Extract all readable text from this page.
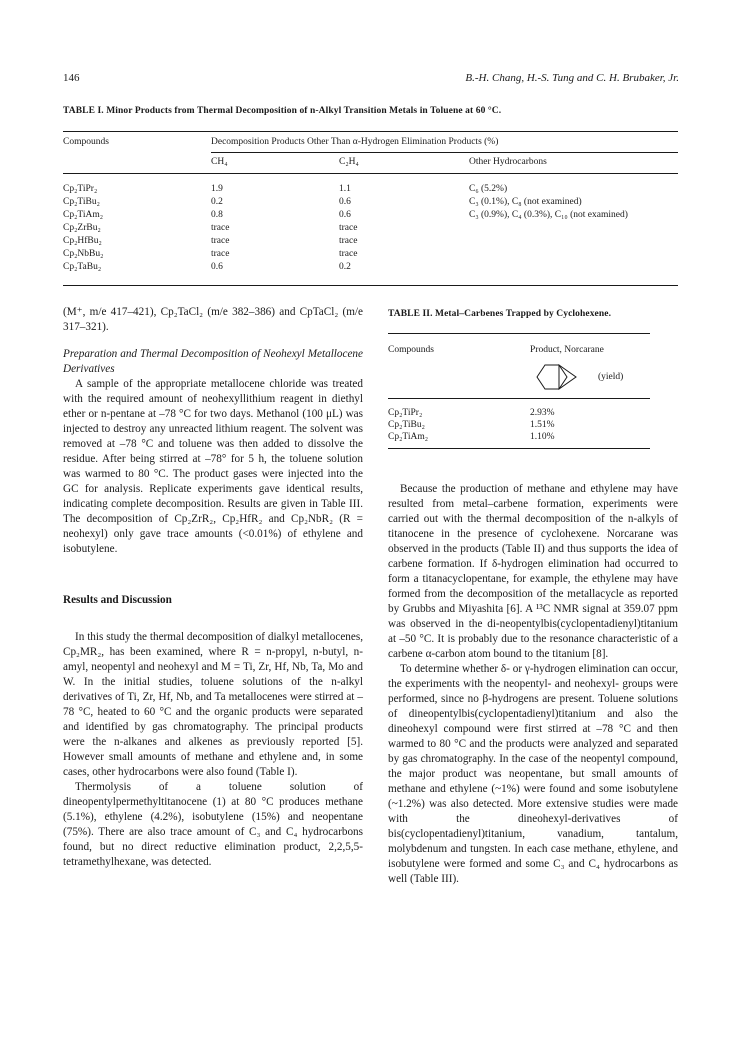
146	B.-H. Chang, H.-S. Tung and C. H. Brubaker, Jr.
TABLE I. Minor Products from Thermal Decomposition of n-Alkyl Transition Metals in Toluene at 60 °C.
Compounds	Decomposition Products Other Than α-Hydrogen Elimination Products (%)
CH₄	C₂H₄	Other Hydrocarbons
Cp₂TiPr₂	1.9	1.1	C₆ (5.2%)
Cp₂TiBu₂	0.2	0.6	C₃ (0.1%), C₈ (not examined)
Cp₂TiAm₂	0.8	0.6	C₃ (0.9%), C₄ (0.3%), C₁₀ (not examined)
Cp₂ZrBu₂	trace	trace
Cp₂HfBu₂	trace	trace
Cp₂NbBu₂	trace	trace
Cp₂TaBu₂	0.6	0.2

(M⁺, m/e 417–421), Cp₂TaCl₂ (m/e 382–386) and CpTaCl₂ (m/e 317–321).

Preparation and Thermal Decomposition of Neohexyl Metallocene Derivatives

A sample of the appropriate metallocene chloride was treated with the required amount of neohexyllithium reagent in diethyl ether or n-pentane at –78 °C for two days. Methanol (100 μL) was injected to destroy any unreacted lithium reagent. The solvent was removed at –78 °C and toluene was then added to dissolve the residue. After being stirred at –78° for 5 h, the toluene solution was warmed to 80 °C. The product gases were injected into the GC for analysis. Replicate experiments gave identical results, indicating complete decomposition. Results are given in Table III. The decomposition of Cp₂ZrR₂, Cp₂HfR₂ and Cp₂NbR₂ (R = neohexyl) only gave trace amounts (<0.01%) of ethylene and isobutylene.

Results and Discussion

In this study the thermal decomposition of dialkyl metallocenes, Cp₂MR₂, has been examined, where R = n-propyl, n-butyl, n-amyl, neopentyl and neohexyl and M = Ti, Zr, Hf, Nb, Ta, Mo and W. In the initial studies, toluene solutions of the n-alkyl derivatives of Ti, Zr, Hf, Nb, and Ta metallocenes were stirred at –78 °C, heated to 60 °C and the organic products were separated and identified by gas chromatography. The principal products were the n-alkanes and alkenes as previously reported [5]. However small amounts of methane and ethylene and, in some cases, other hydrocarbons were also found (Table I).

Thermolysis of a toluene solution of dineopentylpermethyltitanocene (1) at 80 °C produces methane (5.1%), ethylene (4.2%), isobutylene (15%) and neopentane (75%). There are also trace amount of C₃ and C₄ hydrocarbons found, but no direct reductive elimination product, 2,2,5,5-tetramethylhexane, was detected.

TABLE II. Metal–Carbenes Trapped by Cyclohexene.
Compounds	Product, Norcarane
(yield)
Cp₂TiPr₂	2.93%
Cp₂TiBu₂	1.51%
Cp₂TiAm₂	1.10%

Because the production of methane and ethylene may have resulted from metal–carbene formation, experiments were carried out with the thermal decomposition of the n-alkyls of titanocene in the presence of cyclohexene. Norcarane was observed in the products (Table II) and thus supports the idea of carbene formation. If δ-hydrogen elimination had occurred to form a titanacyclopentane, for example, the ethylene may have formed from the decomposition of the metallacycle as reported by Grubbs and Miyashita [6]. A ¹³C NMR signal at 359.07 ppm was observed in the di-neopentylbis(cyclopentadienyl)titanium at –50 °C. It is probably due to the resonance characteristic of a carbene α-carbon atom bound to the titanium [8].

To determine whether δ- or γ-hydrogen elimination can occur, the experiments with the neopentyl- and neohexyl- groups were performed, since no β-hydrogens are present. Toluene solutions of dineopentylbis(cyclopentadienyl)titanium and also the dineohexyl compound were first stirred at –78 °C and then warmed to 80 °C and the products were analyzed and separated by gas chromatography. In the case of the neopentyl compound, the major product was neopentane, but small amounts of methane and ethylene (~1%) were found and some isobutylene (~1.2%) was also detected. More extensive studies were made with the dineohexyl-derivatives of bis(cyclopentadienyl)titanium, vanadium, tantalum, molybdenum and tungsten. In each case methane, ethylene, and isobutylene were formed and some C₃ and C₄ hydrocarbons as well (Table III).
